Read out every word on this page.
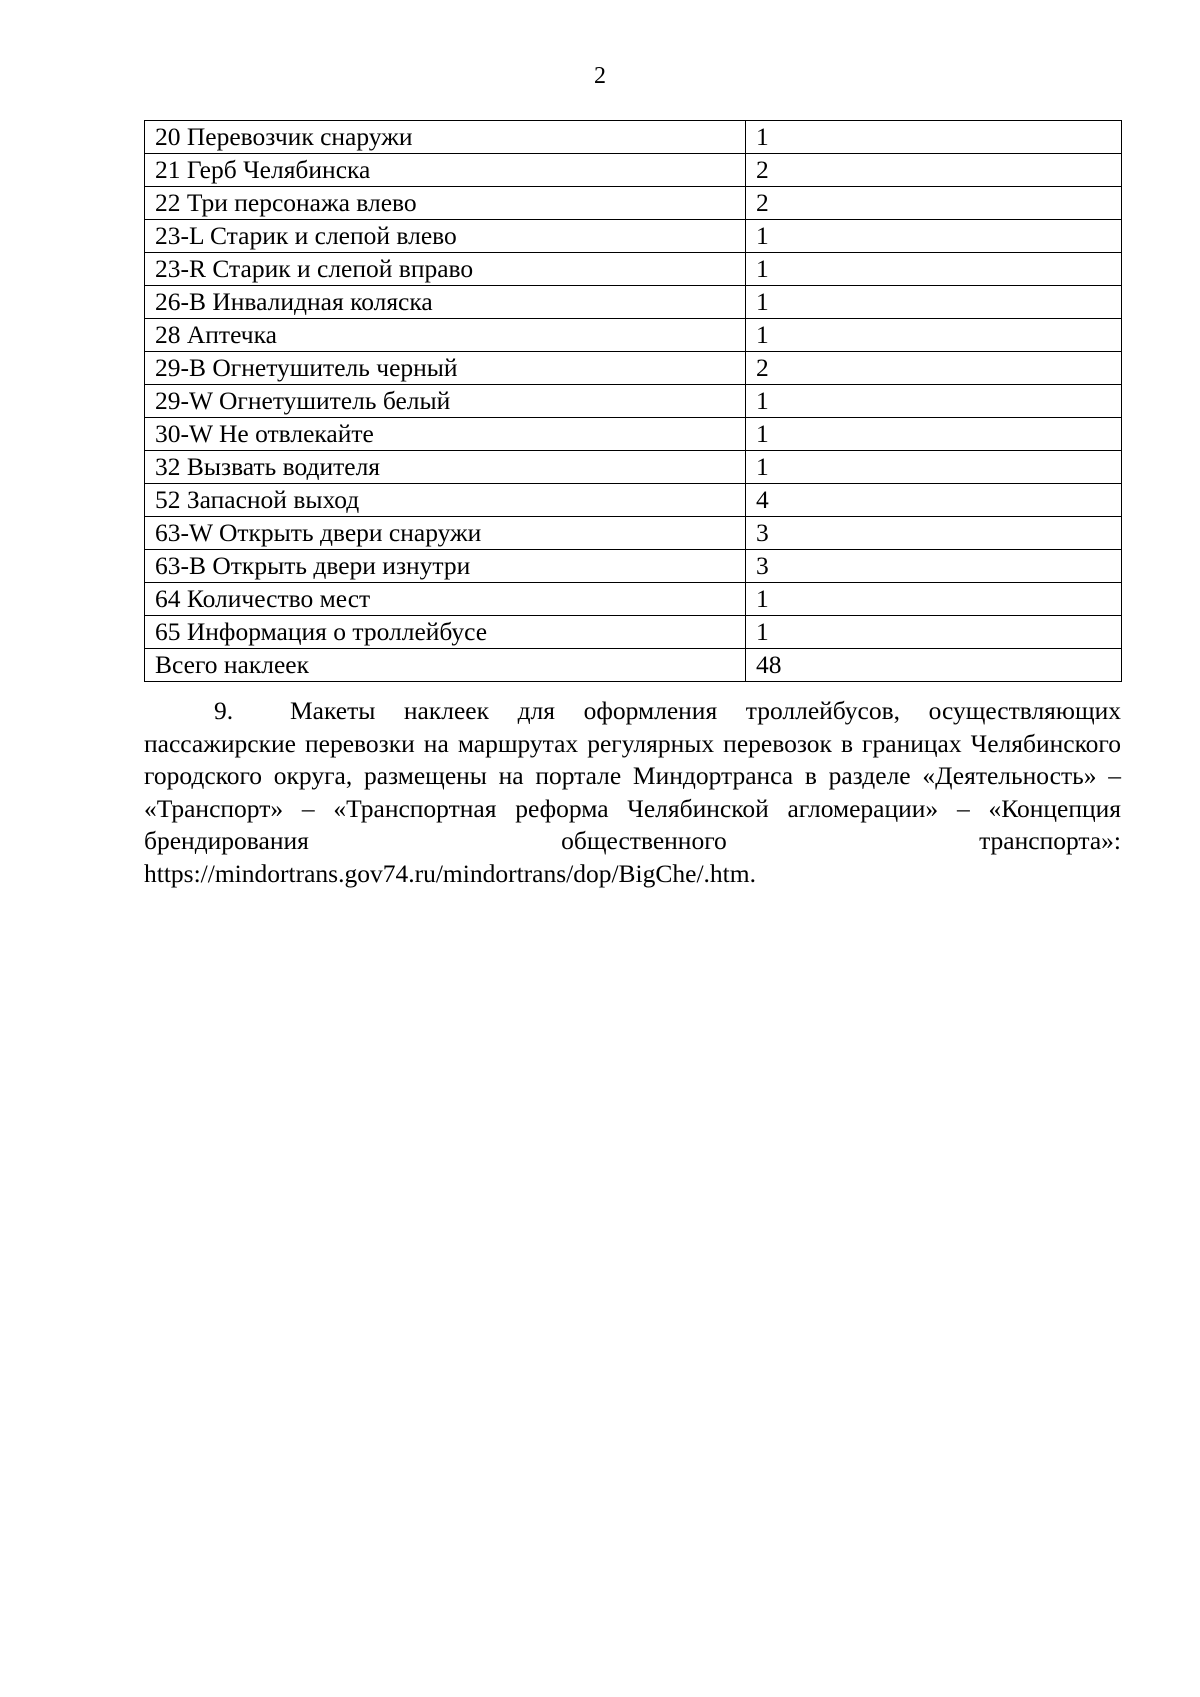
2
20 Перевозчик снаружи	1
21 Герб Челябинска	2
22 Три персонажа влево	2
23-L Старик и слепой влево	1
23-R Старик и слепой вправо	1
26-B Инвалидная коляска	1
28 Аптечка	1
29-B Огнетушитель черный	2
29-W Огнетушитель белый	1
30-W Не отвлекайте	1
32 Вызвать водителя	1
52 Запасной выход	4
63-W Открыть двери снаружи	3
63-B Открыть двери изнутри	3
64 Количество мест	1
65 Информация о троллейбусе	1
Всего наклеек	48
9. Макеты наклеек для оформления троллейбусов, осуществляющих пассажирские перевозки на маршрутах регулярных перевозок в границах Челябинского городского округа, размещены на портале Миндортранса в разделе «Деятельность» – «Транспорт» – «Транспортная реформа Челябинской агломерации» – «Концепция брендирования общественного транспорта»: https://mindortrans.gov74.ru/mindortrans/dop/BigChe/.htm.
